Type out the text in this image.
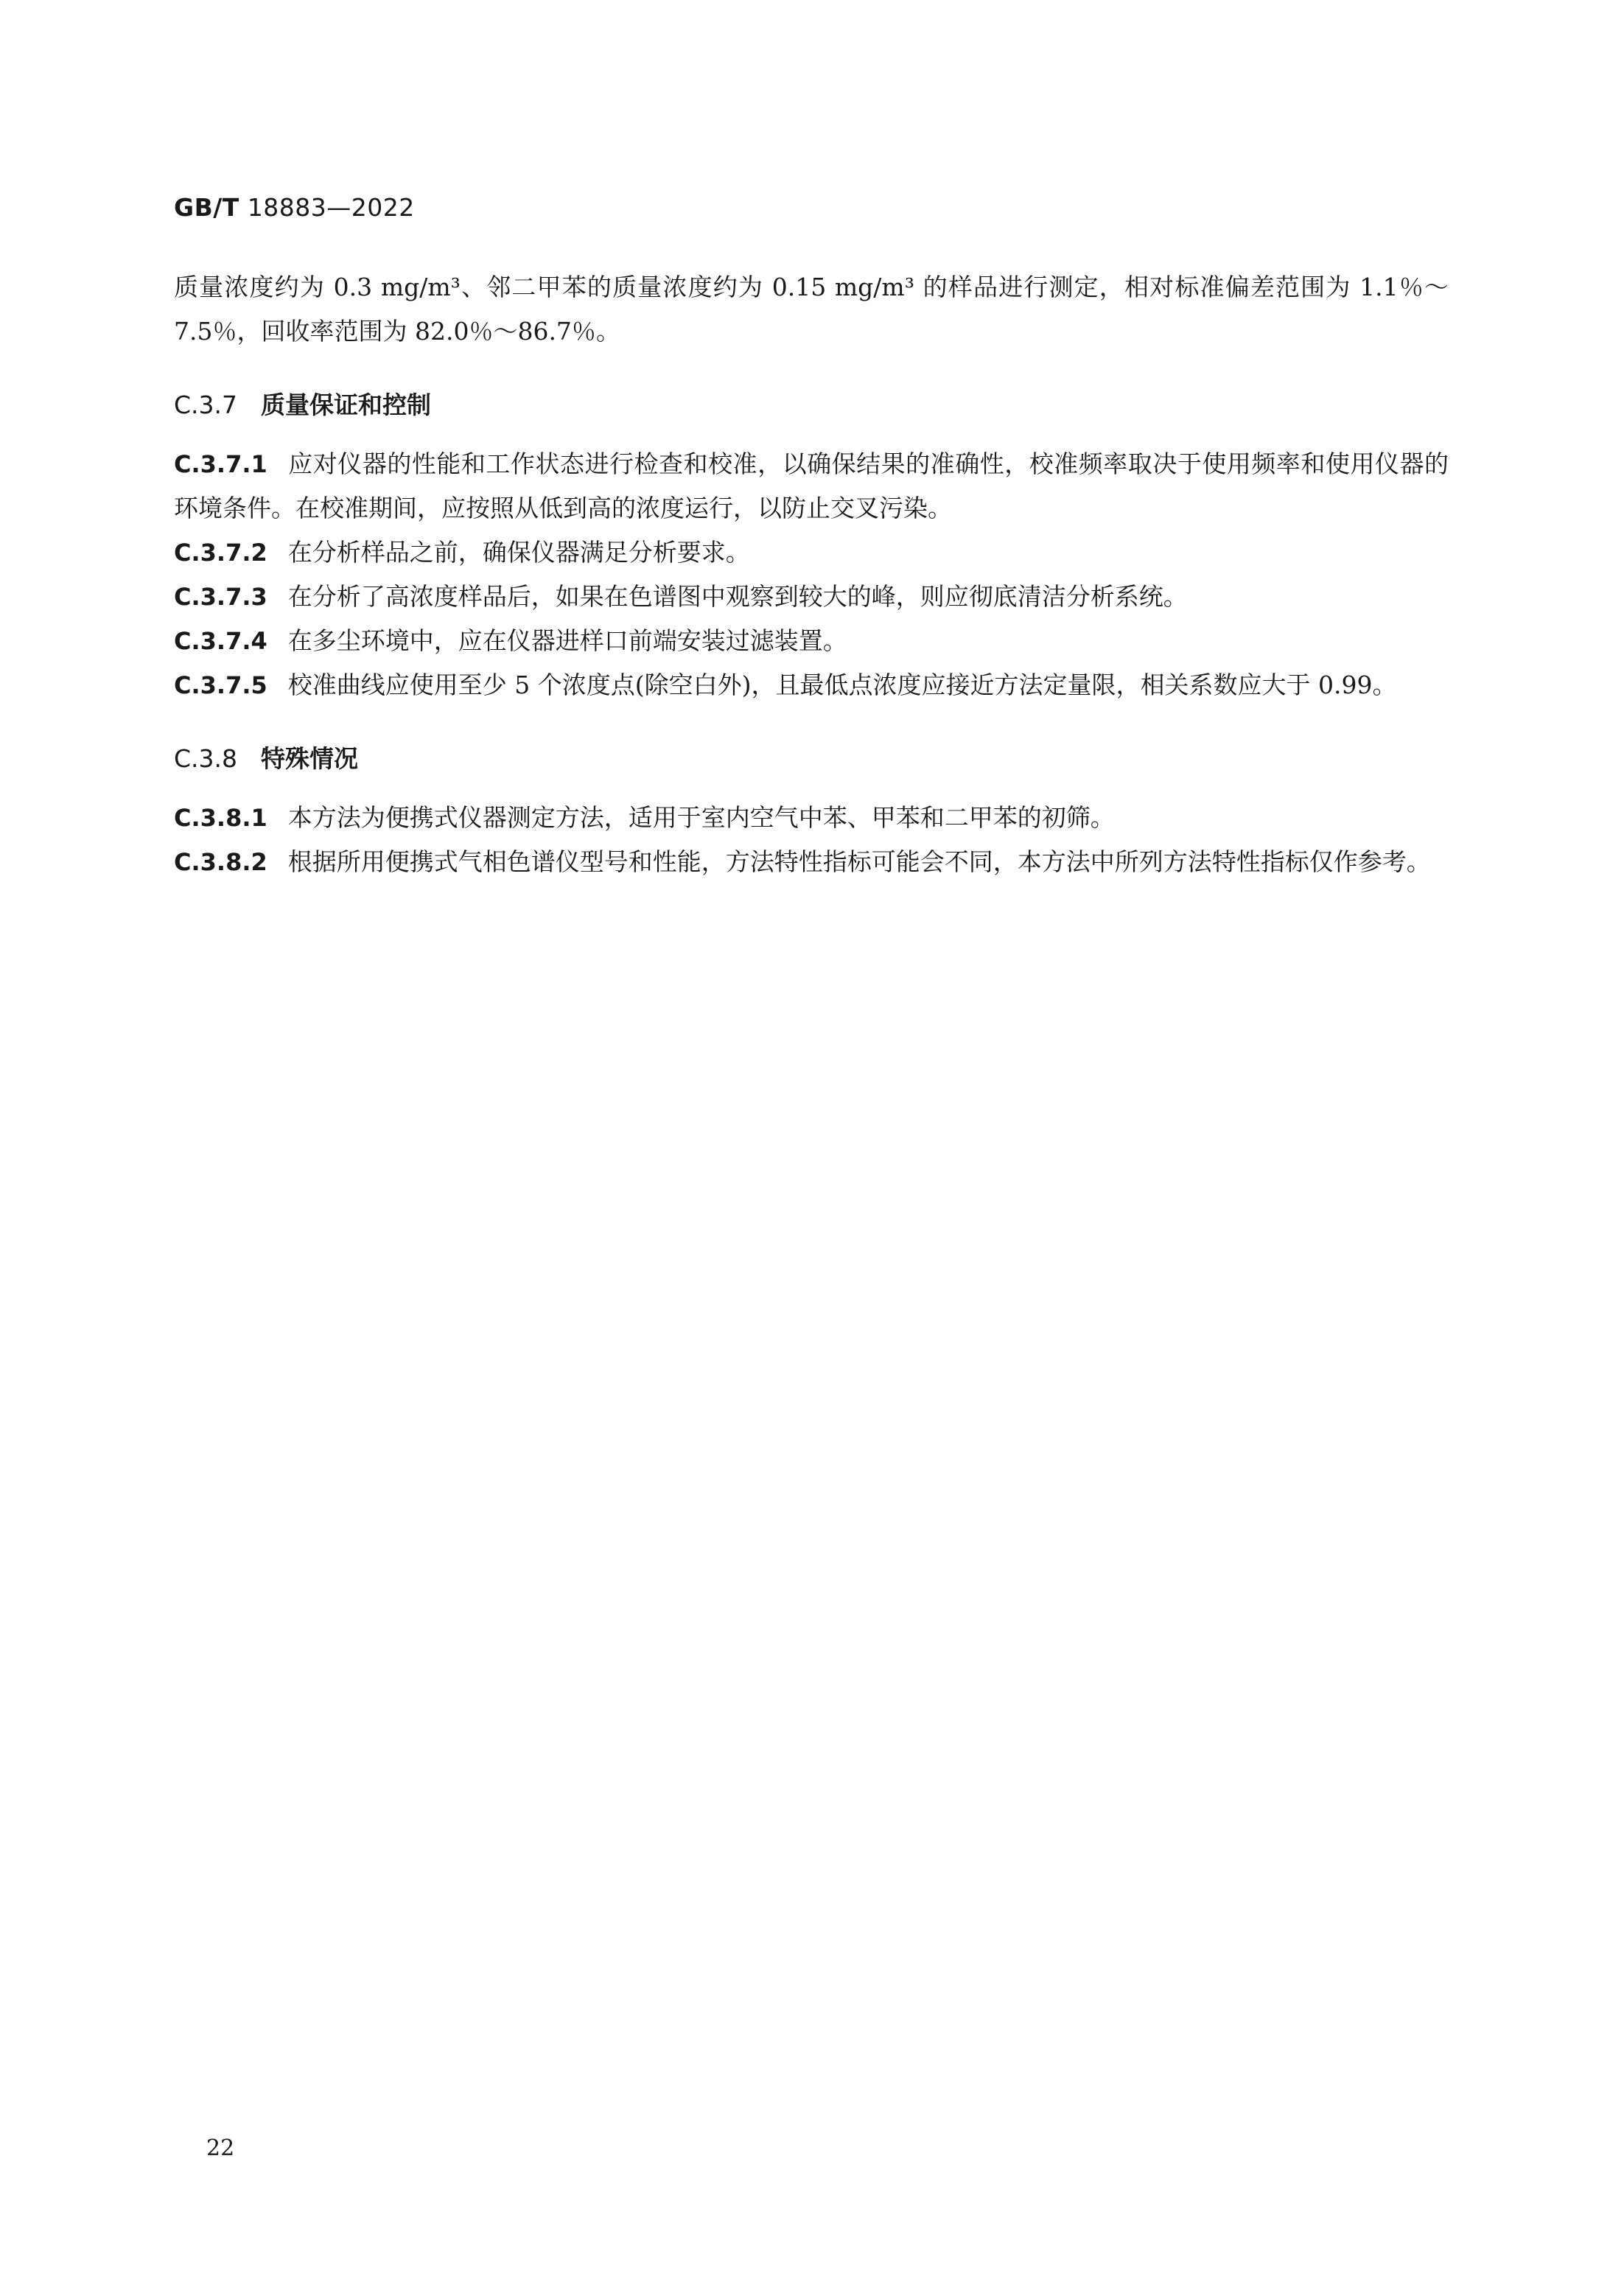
GB/T 18883—2022

质量浓度约为 0.3 mg/m³、邻二甲苯的质量浓度约为 0.15 mg/m³ 的样品进行测定，相对标准偏差范围为 1.1％～7.5％，回收率范围为 82.0％～86.7％。

C.3.7 质量保证和控制

C.3.7.1 应对仪器的性能和工作状态进行检查和校准，以确保结果的准确性，校准频率取决于使用频率和使用仪器的环境条件。在校准期间，应按照从低到高的浓度运行，以防止交叉污染。

C.3.7.2 在分析样品之前，确保仪器满足分析要求。

C.3.7.3 在分析了高浓度样品后，如果在色谱图中观察到较大的峰，则应彻底清洁分析系统。

C.3.7.4 在多尘环境中，应在仪器进样口前端安装过滤装置。

C.3.7.5 校准曲线应使用至少 5 个浓度点(除空白外)，且最低点浓度应接近方法定量限，相关系数应大于 0.99。

C.3.8 特殊情况

C.3.8.1 本方法为便携式仪器测定方法，适用于室内空气中苯、甲苯和二甲苯的初筛。

C.3.8.2 根据所用便携式气相色谱仪型号和性能，方法特性指标可能会不同，本方法中所列方法特性指标仅作参考。

22
